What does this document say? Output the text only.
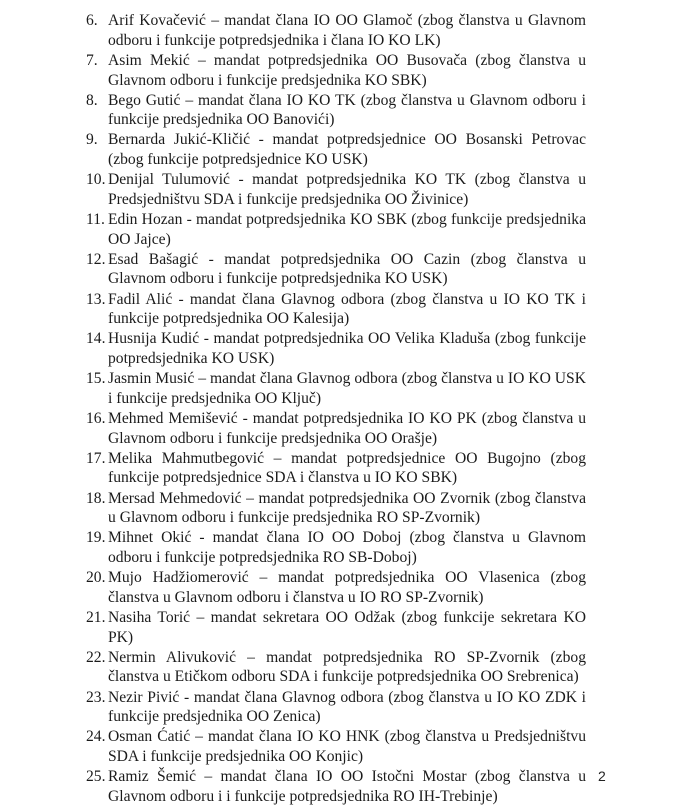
6. Arif Kovačević – mandat člana IO OO Glamoč (zbog članstva u Glavnom odboru i funkcije potpredsjednika i člana IO KO LK)
7. Asim Mekić – mandat potpredsjednika OO Busovača (zbog članstva u Glavnom odboru i funkcije predsjednika KO SBK)
8. Bego Gutić – mandat člana IO KO TK (zbog članstva u Glavnom odboru i funkcije predsjednika OO Banovići)
9. Bernarda Jukić-Kličić - mandat potpredsjednice OO Bosanski Petrovac (zbog funkcije potpredsjednice KO USK)
10. Denijal Tulumović - mandat potpredsjednika KO TK (zbog članstva u Predsjedništvu SDA i funkcije predsjednika OO Živinice)
11. Edin Hozan - mandat potpredsjednika KO SBK (zbog funkcije predsjednika OO Jajce)
12. Esad Bašagić - mandat potpredsjednika OO Cazin (zbog članstva u Glavnom odboru i funkcije potpredsjednika KO USK)
13. Fadil Alić - mandat člana Glavnog odbora (zbog članstva u IO KO TK i funkcije potpredsjednika OO Kalesija)
14. Husnija Kudić - mandat potpredsjednika OO Velika Kladuša (zbog funkcije potpredsjednika KO USK)
15. Jasmin Musić – mandat člana Glavnog odbora (zbog članstva u IO KO USK i funkcije predsjednika OO Ključ)
16. Mehmed Memišević - mandat potpredsjednika IO KO PK (zbog članstva u Glavnom odboru i funkcije predsjednika OO Orašje)
17. Melika Mahmutbegović – mandat potpredsjednice OO Bugojno (zbog funkcije potpredsjednice SDA i članstva u IO KO SBK)
18. Mersad Mehmedović – mandat potpredsjednika OO Zvornik (zbog članstva u Glavnom odboru i funkcije predsjednika RO SP-Zvornik)
19. Mihnet Okić - mandat člana IO OO Doboj (zbog članstva u Glavnom odboru i funkcije potpredsjednika RO SB-Doboj)
20. Mujo Hadžiomerović – mandat potpredsjednika OO Vlasenica (zbog članstva u Glavnom odboru i članstva u IO RO SP-Zvornik)
21. Nasiha Torić – mandat sekretara OO Odžak (zbog funkcije sekretara KO PK)
22. Nermin Alivuković – mandat potpredsjednika RO SP-Zvornik (zbog članstva u Etičkom odboru SDA i funkcije potpredsjednika OO Srebrenica)
23. Nezir Pivić - mandat člana Glavnog odbora (zbog članstva u IO KO ZDK i funkcije predsjednika OO Zenica)
24. Osman Ćatić – mandat člana IO KO HNK (zbog članstva u Predsjedništvu SDA i funkcije predsjednika OO Konjic)
25. Ramiz Šemić – mandat člana IO OO Istočni Mostar (zbog članstva u Glavnom odboru i i funkcije potpredsjednika RO IH-Trebinje)
2
